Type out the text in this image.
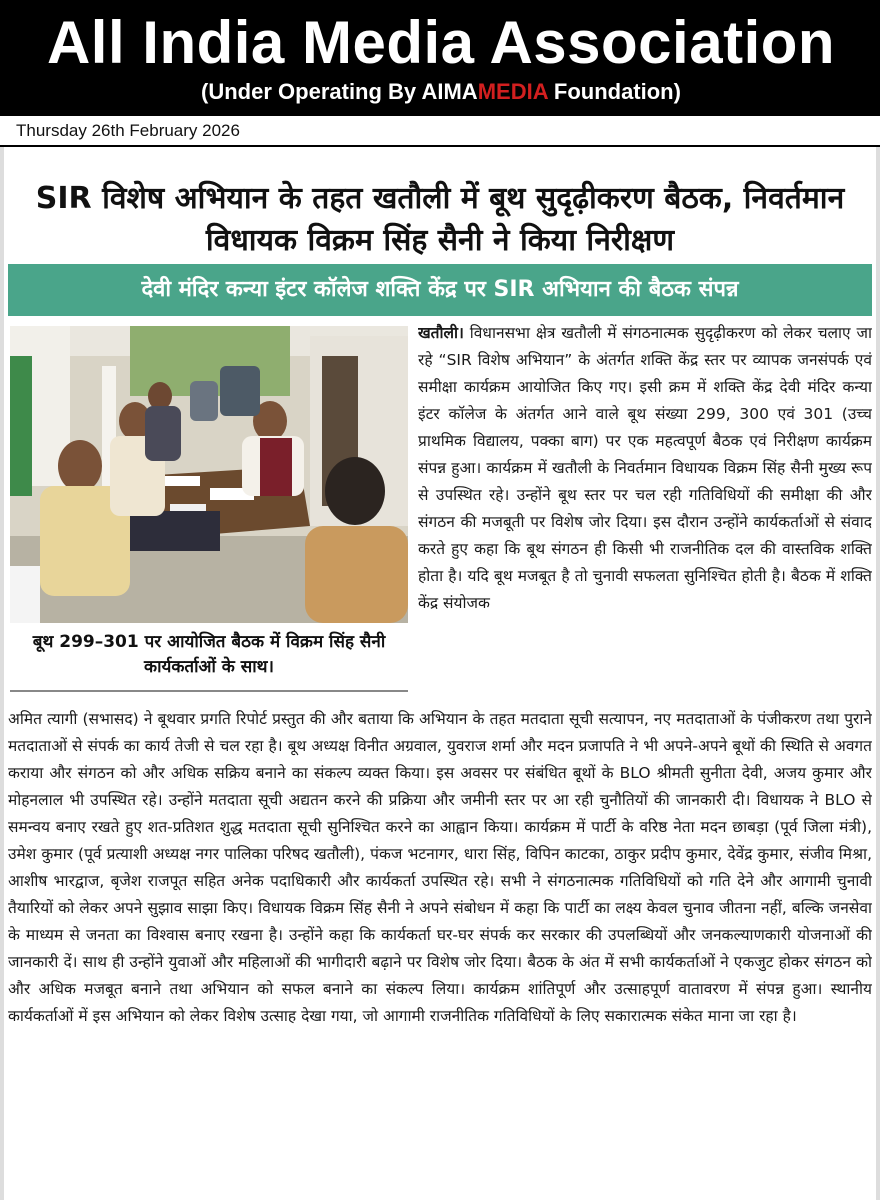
All India Media Association
(Under Operating By AIMAMEDIA Foundation)
Thursday 26th February 2026
SIR विशेष अभियान के तहत खतौली में बूथ सुदृढ़ीकरण बैठक, निवर्तमान विधायक विक्रम सिंह सैनी ने किया निरीक्षण
देवी मंदिर कन्या इंटर कॉलेज शक्ति केंद्र पर SIR अभियान की बैठक संपन्न
बूथ 299–301 पर आयोजित बैठक में विक्रम सिंह सैनी कार्यकर्ताओं के साथ।
खतौली। विधानसभा क्षेत्र खतौली में संगठनात्मक सुदृढ़ीकरण को लेकर चलाए जा रहे “SIR विशेष अभियान” के अंतर्गत शक्ति केंद्र स्तर पर व्यापक जनसंपर्क एवं समीक्षा कार्यक्रम आयोजित किए गए। इसी क्रम में शक्ति केंद्र देवी मंदिर कन्या इंटर कॉलेज के अंतर्गत आने वाले बूथ संख्या 299, 300 एवं 301 (उच्च प्राथमिक विद्यालय, पक्का बाग) पर एक महत्वपूर्ण बैठक एवं निरीक्षण कार्यक्रम संपन्न हुआ। कार्यक्रम में खतौली के निवर्तमान विधायक विक्रम सिंह सैनी मुख्य रूप से उपस्थित रहे। उन्होंने बूथ स्तर पर चल रही गतिविधियों की समीक्षा की और संगठन की मजबूती पर विशेष जोर दिया। इस दौरान उन्होंने कार्यकर्ताओं से संवाद करते हुए कहा कि बूथ संगठन ही किसी भी राजनीतिक दल की वास्तविक शक्ति होता है। यदि बूथ मजबूत है तो चुनावी सफलता सुनिश्चित होती है। बैठक में शक्ति केंद्र संयोजक
अमित त्यागी (सभासद) ने बूथवार प्रगति रिपोर्ट प्रस्तुत की और बताया कि अभियान के तहत मतदाता सूची सत्यापन, नए मतदाताओं के पंजीकरण तथा पुराने मतदाताओं से संपर्क का कार्य तेजी से चल रहा है। बूथ अध्यक्ष विनीत अग्रवाल, युवराज शर्मा और मदन प्रजापति ने भी अपने-अपने बूथों की स्थिति से अवगत कराया और संगठन को और अधिक सक्रिय बनाने का संकल्प व्यक्त किया। इस अवसर पर संबंधित बूथों के BLO श्रीमती सुनीता देवी, अजय कुमार और मोहनलाल भी उपस्थित रहे। उन्होंने मतदाता सूची अद्यतन करने की प्रक्रिया और जमीनी स्तर पर आ रही चुनौतियों की जानकारी दी। विधायक ने BLO से समन्वय बनाए रखते हुए शत-प्रतिशत शुद्ध मतदाता सूची सुनिश्चित करने का आह्वान किया। कार्यक्रम में पार्टी के वरिष्ठ नेता मदन छाबड़ा (पूर्व जिला मंत्री), उमेश कुमार (पूर्व प्रत्याशी अध्यक्ष नगर पालिका परिषद खतौली), पंकज भटनागर, धारा सिंह, विपिन काटका, ठाकुर प्रदीप कुमार, देवेंद्र कुमार, संजीव मिश्रा, आशीष भारद्वाज, बृजेश राजपूत सहित अनेक पदाधिकारी और कार्यकर्ता उपस्थित रहे। सभी ने संगठनात्मक गतिविधियों को गति देने और आगामी चुनावी तैयारियों को लेकर अपने सुझाव साझा किए। विधायक विक्रम सिंह सैनी ने अपने संबोधन में कहा कि पार्टी का लक्ष्य केवल चुनाव जीतना नहीं, बल्कि जनसेवा के माध्यम से जनता का विश्वास बनाए रखना है। उन्होंने कहा कि कार्यकर्ता घर-घर संपर्क कर सरकार की उपलब्धियों और जनकल्याणकारी योजनाओं की जानकारी दें। साथ ही उन्होंने युवाओं और महिलाओं की भागीदारी बढ़ाने पर विशेष जोर दिया। बैठक के अंत में सभी कार्यकर्ताओं ने एकजुट होकर संगठन को और अधिक मजबूत बनाने तथा अभियान को सफल बनाने का संकल्प लिया। कार्यक्रम शांतिपूर्ण और उत्साहपूर्ण वातावरण में संपन्न हुआ। स्थानीय कार्यकर्ताओं में इस अभियान को लेकर विशेष उत्साह देखा गया, जो आगामी राजनीतिक गतिविधियों के लिए सकारात्मक संकेत माना जा रहा है।
